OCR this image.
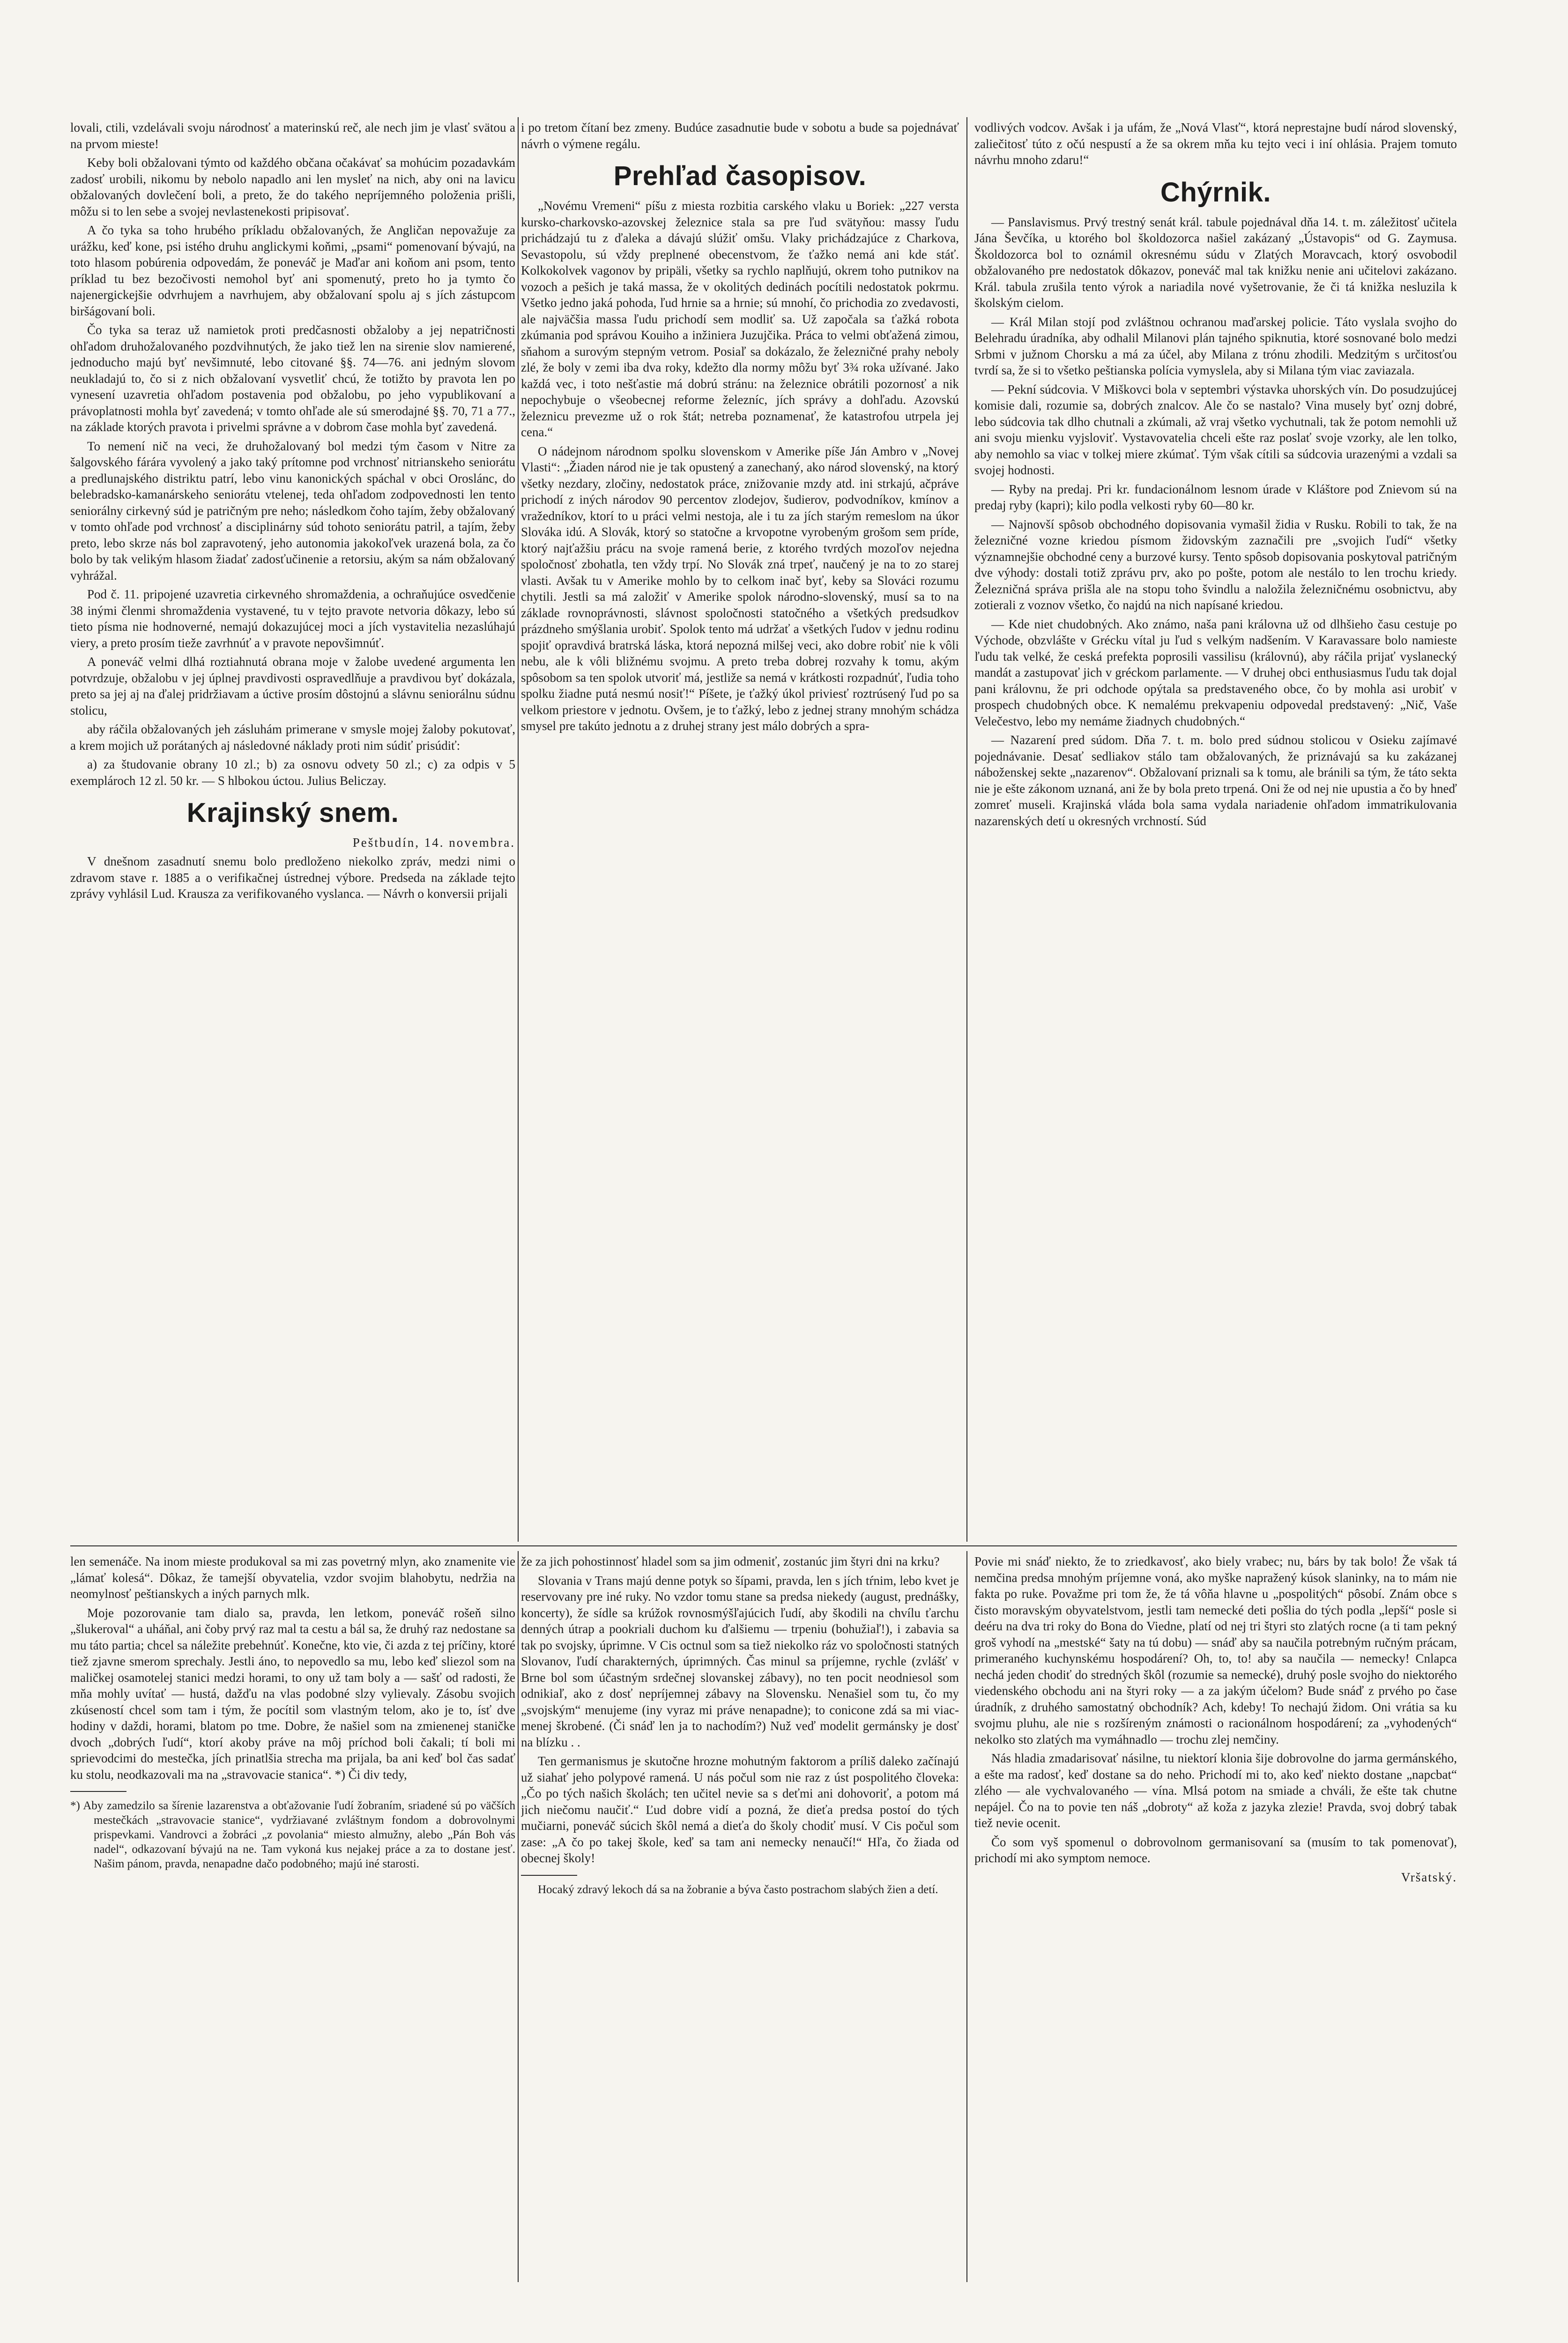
lovali, ctili, vzdelávali svoju národnosť a materinskú reč, ale nech jim je vlasť svätou a na prvom mieste!

Keby boli obžalovani týmto od každého občana očakávať sa mohúcim pozadavkám zadosť urobili, nikomu by nebolo napadlo ani len mysleť na nich, aby oni na lavicu obžalovaných dovlečení boli, a preto, že do takého nepríjemného položenia prišli, môžu si to len sebe a svojej nevlastenekosti pripisovať.

A čo tyka sa toho hrubého príkladu obžalovaných, že Angličan nepovažuje za urážku, keď kone, psi istého druhu anglickymi koňmi, „psami“ pomenovaní bývajú, na toto hlasom pobúrenia odpovedám, že poneváč je Maďar ani koňom ani psom, tento príklad tu bez bezočivosti nemohol byť ani spomenutý, preto ho ja tymto čo najenergickejšie odvrhujem a navrhujem, aby obžalovaní spolu aj s jích zástupcom biršágovaní boli.

Čo tyka sa teraz už namietok proti predčasnosti obžaloby a jej nepatričnosti ohľadom druhožalovaného pozdvihnutých, že jako tiež len na sirenie slov namierené, jednoducho majú byť nevšimnuté, lebo citované §§. 74—76. ani jedným slovom neukladajú to, čo si z nich obžalovaní vysvetliť chcú, že totižto by pravota len po vynesení uzavretia ohľadom postavenia pod obžalobu, po jeho vypublikovaní a právoplatnosti mohla byť zavedená; v tomto ohľade ale sú smerodajné §§. 70, 71 a 77., na základe ktorých pravota i privelmi správne a v dobrom čase mohla byť zavedená.

To nemení nič na veci, že druhožalovaný bol medzi tým časom v Nitre za šalgovského fárára vyvolený a jako taký prítomne pod vrchnosť nitrianskeho seniorátu a predlunajského distriktu patrí, lebo vinu kanonických spáchal v obci Oroslánc, do belebradsko-kamanárskeho seniorátu vtelenej, teda ohľadom zodpovednosti len tento seniorálny cirkevný súd je patričným pre neho; následkom čoho tajím, žeby obžalovaný v tomto ohľade pod vrchnosť a disciplinárny súd tohoto seniorátu patril, a tajím, žeby preto, lebo skrze nás bol zapravotený, jeho autonomia jakokoľvek urazená bola, za čo bolo by tak velikým hlasom žiadať zadosťučinenie a retorsiu, akým sa nám obžalovaný vyhrážal.

Pod č. 11. pripojené uzavretia cirkevného shromaždenia, a ochraňujúce osvedčenie 38 inými členmi shromaždenia vystavené, tu v tejto pravote netvoria dôkazy, lebo sú tieto písma nie hodnoverné, nemajú dokazujúcej moci a jích vystavitelia nezaslúhajú viery, a preto prosím tieže zavrhnúť a v pravote nepovšimnúť.

A poneváč velmi dlhá roztiahnutá obrana moje v žalobe uvedené argumenta len potvrdzuje, obžalobu v jej úplnej pravdivosti ospravedlňuje a pravdivou byť dokázala, preto sa jej aj na ďalej pridržiavam a úctive prosím dôstojnú a slávnu seniorálnu súdnu stolicu,

aby ráčila obžalovaných jeh zásluhám primerane v smysle mojej žaloby pokutovať, a krem mojich už porátaných aj následovné náklady proti nim súdiť prisúdiť:

a) za študovanie obrany 10 zl.; b) za osnovu odvety 50 zl.; c) za odpis v 5 exemplároch 12 zl. 50 kr. — S hlbokou úctou. Julius Beliczay.

Krajinský snem.
Peštbudín, 14. novembra.

V dnešnom zasadnutí snemu bolo predloženo niekolko zpráv, medzi nimi o zdravom stave r. 1885 a o verifikačnej ústrednej výbore. Predseda na základe tejto zprávy vyhlásil Lud. Krausza za verifikovaného vyslanca. — Návrh o konversii prijali

i po tretom čítaní bez zmeny. Budúce zasadnutie bude v sobotu a bude sa pojednávať návrh o výmene regálu.

Prehľad časopisov.

„Novému Vremeni“ píšu z miesta rozbitia carského vlaku u Boriek: „227 versta kursko-charkovsko-azovskej železnice stala sa pre ľud svätyňou: massy ľudu prichádzajú tu z ďaleka a dávajú slúžiť omšu. Vlaky prichádzajúce z Charkova, Sevastopolu, sú vždy preplnené obecenstvom, že ťažko nemá ani kde stáť. Kolkokolvek vagonov by pripäli, všetky sa rychlo naplňujú, okrem toho putnikov na vozoch a pešich je taká massa, že v okolitých dedinách pocítili nedostatok pokrmu. Všetko jedno jaká pohoda, ľud hrnie sa a hrnie; sú mnohí, čo prichodia zo zvedavosti, ale najväčšia massa ľudu prichodí sem modliť sa. Už započala sa ťažká robota zkúmania pod správou Kouiho a inžiniera Juzujčika. Práca to velmi obťažená zimou, sňahom a surovým stepným vetrom. Posiaľ sa dokázalo, že železničné prahy neboly zlé, že boly v zemi iba dva roky, kdežto dla normy môžu byť 3¾ roka užívané. Jako každá vec, i toto nešťastie má dobrú stránu: na železnice obrátili pozornosť a nik nepochybuje o všeobecnej reforme železníc, jích správy a dohľadu. Azovskú železnicu prevezme už o rok štát; netreba poznamenať, že katastrofou utrpela jej cena.“

O nádejnom národnom spolku slovenskom v Amerike píše Ján Ambro v „Novej Vlasti“: „Žiaden národ nie je tak opustený a zanechaný, ako národ slovenský, na ktorý všetky nezdary, zločiny, nedostatok práce, znižovanie mzdy atd. ini strkajú, ačpráve prichodí z iných národov 90 percentov zlodejov, šudierov, podvodníkov, kmínov a vražedníkov, ktorí to u práci velmi nestoja, ale i tu za jích starým remeslom na úkor Slováka idú. A Slovák, ktorý so statočne a krvopotne vyrobeným grošom sem príde, ktorý najťažšiu prácu na svoje ramená berie, z ktorého tvrdých mozoľov nejedna spoločnosť zbohatla, ten vždy trpí. No Slovák zná trpeť, naučený je na to zo starej vlasti. Avšak tu v Amerike mohlo by to celkom inač byť, keby sa Slováci rozumu chytili. Jestli sa má založiť v Amerike spolok národno-slovenský, musí sa to na základe rovnoprávnosti, slávnost spoločnosti statočného a všetkých predsudkov prázdneho smýšlania urobiť. Spolok tento má udržať a všetkých ľudov v jednu rodinu spojiť opravdivá bratrská láska, ktorá nepozná milšej veci, ako dobre robiť nie k vôli nebu, ale k vôli bližnému svojmu. A preto treba dobrej rozvahy k tomu, akým spôsobom sa ten spolok utvoriť má, jestliže sa nemá v krátkosti rozpadnúť, ľudia toho spolku žiadne putá nesmú nosiť!“ Píšete, je ťažký úkol priviesť roztrúsený ľud po sa velkom priestore v jednotu. Ovšem, je to ťažký, lebo z jednej strany mnohým schádza smysel pre takúto jednotu a z druhej strany jest málo dobrých a spra-

vodlivých vodcov. Avšak i ja ufám, že „Nová Vlasť“, ktorá neprestajne budí národ slovenský, zaliečitosť túto z očú nespustí a že sa okrem mňa ku tejto veci i iní ohlásia. Prajem tomuto návrhu mnoho zdaru!“

Chýrnik.

— Panslavismus. Prvý trestný senát král. tabule pojednával dňa 14. t. m. záležitosť učitela Jána Ševčíka, u ktorého bol školdozorca našiel zakázaný „Ústavopis“ od G. Zaymusa. Školdozorca bol to oznámil okresnému súdu v Zlatých Moravcach, ktorý osvobodil obžalovaného pre nedostatok dôkazov, poneváč mal tak knižku nenie ani učitelovi zakázano. Král. tabula zrušila tento výrok a nariadila nové vyšetrovanie, že či tá knižka nesluzila k školským cielom.

— Král Milan stojí pod zvláštnou ochranou maďarskej policie. Táto vyslala svojho do Belehradu úradníka, aby odhalil Milanovi plán tajného spiknutia, ktoré sosnované bolo medzi Srbmi v južnom Chorsku a má za účel, aby Milana z trónu zhodili. Medzitým s určitosťou tvrdí sa, že si to všetko peštianska polícia vymyslela, aby si Milana tým viac zaviazala.

— Pekní súdcovia. V Miškovci bola v septembri výstavka uhorských vín. Do posudzujúcej komisie dali, rozumie sa, dobrých znalcov. Ale čo se nastalo? Vina musely byť oznj dobré, lebo súdcovia tak dlho chutnali a zkúmali, až vraj všetko vychutnali, tak že potom nemohli už ani svoju mienku vyjsloviť. Vystavovatelia chceli ešte raz poslať svoje vzorky, ale len tolko, aby nemohlo sa viac v tolkej miere zkúmať. Tým však cítili sa súdcovia urazenými a vzdali sa svojej hodnosti.

— Ryby na predaj. Pri kr. fundacionálnom lesnom úrade v Kláštore pod Znievom sú na predaj ryby (kapri); kilo podla velkosti ryby 60—80 kr.

— Najnovší spôsob obchodného dopisovania vymašil židia v Rusku. Robili to tak, že na železničné vozne kriedou písmom židovským zaznačili pre „svojich ľudí“ všetky významnejšie obchodné ceny a burzové kursy. Tento spôsob dopisovania poskytoval patričným dve výhody: dostali totiž zprávu prv, ako po pošte, potom ale nestálo to len trochu kriedy. Železničná správa prišla ale na stopu toho švindlu a naložila železničnému osobnictvu, aby zotierali z voznov všetko, čo najdú na nich napísané kriedou.

— Kde niet chudobných. Ako známo, naša pani královna už od dlhšieho času cestuje po Východe, obzvlášte v Grécku vítal ju ľud s velkým nadšením. V Karavassare bolo namieste ľudu tak velké, že ceská prefekta poprosili vassilisu (královnú), aby ráčila prijať vyslanecký mandát a zastupovať jich v gréckom parlamente. — V druhej obci enthusiasmus ľudu tak dojal pani královnu, že pri odchode opýtala sa predstaveného obce, čo by mohla asi urobiť v prospech chudobných obce. K nemalému prekvapeniu odpovedal predstavený: „Nič, Vaše Velečestvo, lebo my nemáme žiadnych chudobných.“

— Nazarení pred súdom. Dňa 7. t. m. bolo pred súdnou stolicou v Osieku zajímavé pojednávanie. Desať sedliakov stálo tam obžalovaných, že priznávajú sa ku zakázanej náboženskej sekte „nazarenov“. Obžalovaní priznali sa k tomu, ale bránili sa tým, že táto sekta nie je ešte zákonom uznaná, ani že by bola preto trpená. Oni že od nej nie upustia a čo by hneď zomreť museli. Krajinská vláda bola sama vydala nariadenie ohľadom immatrikulovania nazarenských detí u okresných vrchností. Súd

len semenáče. Na inom mieste produkoval sa mi zas povetrný mlyn, ako znamenite vie „lámať kolesá“. Dôkaz, že tamejší obyvatelia, vzdor svojim blahobytu, nedržia na neomylnosť peštianskych a iných parnych mlk.

Moje pozorovanie tam dialo sa, pravda, len letkom, poneváč rošeň silno „šlukeroval“ a uháňal, ani čoby prvý raz mal ta cestu a bál sa, že druhý raz nedostane sa mu táto partia; chcel sa náležite prebehnúť. Konečne, kto vie, či azda z tej príčiny, ktoré tiež zjavne smerom sprechaly. Jestli áno, to nepovedlo sa mu, lebo keď sliezol som na maličkej osamotelej stanici medzi horami, to ony už tam boly a — sašť od radosti, že mňa mohly uvítať — hustá, dažďu na vlas podobné slzy vylievaly. Zásobu svojich zkúseností chcel som tam i tým, že pocítil som vlastným telom, ako je to, ísť dve hodiny v daždi, horami, blatom po tme. Dobre, že našiel som na zmienenej staničke dvoch „dobrých ľudí“, ktorí akoby práve na môj príchod boli čakali; tí boli mi sprievodcimi do mestečka, jích prinatlšia strecha ma prijala, ba ani keď bol čas sadať ku stolu, neodkazovali ma na „stravovacie stanica“. *) Či div tedy,

*) Aby zamedzilo sa šírenie lazarenstva a obťažovanie ľudí žobraním, sriadené sú po väčších mestečkách „stravovacie stanice“, vydržiavané zvláštnym fondom a dobrovolnymi prispevkami. Vandrovci a žobráci „z povolania“ miesto almužny, alebo „Pán Boh vás nadel“, odkazovaní bývajú na ne. Tam vykoná kus nejakej práce a za to dostane jesť. Našim pánom, pravda, nenapadne dačo podobného; majú iné starosti.

že za jich pohostinnosť hladel som sa jim odmeniť, zostanúc jim štyri dni na krku?

Slovania v Trans majú denne potyk so šípami, pravda, len s jích tŕnim, lebo kvet je reservovany pre iné ruky. No vzdor tomu stane sa predsa niekedy (august, prednášky, koncerty), že sídle sa krúžok rovnosmýšľajúcich ľudí, aby škodili na chvílu ťarchu denných útrap a pookriali duchom ku ďalšiemu — trpeniu (bohužiaľ!), i zabavia sa tak po svojsky, úprimne. V Cis octnul som sa tiež niekolko ráz vo spoločnosti statných Slovanov, ľudí charakterných, úprimných. Čas minul sa príjemne, rychle (zvlášť v Brne bol som účastným srdečnej slovanskej zábavy), no ten pocit neodniesol som odnikiaľ, ako z dosť nepríjemnej zábavy na Slovensku. Nenašiel som tu, čo my „svojským“ menujeme (iny vyraz mi práve nenapadne); to conicone zdá sa mi viac-menej škrobené. (Či snáď len ja to nachodím?) Nuž veď modelit germánsky je dosť na blízku . .

Ten germanismus je skutočne hrozne mohutným faktorom a príliš daleko začínajú už siahať jeho polypové ramená. U nás počul som nie raz z úst pospolitého človeka: „Čo po tých našich školách; ten učitel nevie sa s deťmi ani dohovoriť, a potom má jich niečomu naučiť.“ Ľud dobre vidí a pozná, že dieťa predsa postoí do tých mučiarni, poneváč súcich škôl nemá a dieťa do školy chodiť musí. V Cis počul som zase: „A čo po takej škole, keď sa tam ani nemecky nenaučí!“ Hľa, čo žiada od obecnej školy!

Hocaký zdravý lekoch dá sa na žobranie a býva často postrachom slabých žien a detí.

Povie mi snáď niekto, že to zriedkavosť, ako biely vrabec; nu, bárs by tak bolo! Že však tá nemčina predsa mnohým príjemne voná, ako myške napražený kúsok slaninky, na to mám nie fakta po ruke. Považme pri tom že, že tá vôňa hlavne u „pospolitých“ pôsobí. Znám obce s čisto moravským obyvatelstvom, jestli tam nemecké deti pošlia do tých podla „lepší“ posle si deéru na dva tri roky do Bona do Viedne, platí od nej tri štyri sto zlatých rocne (a ti tam pekný groš vyhodí na „mestské“ šaty na tú dobu) — snáď aby sa naučila potrebným ručným prácam, primeraného kuchynskému hospodárení? Oh, to, to! aby sa naučila — nemecky! Cnlapca nechá jeden chodiť do stredných škôl (rozumie sa nemecké), druhý posle svojho do niektorého viedenského obchodu ani na štyri roky — a za jakým účelom? Bude snáď z prvého po čase úradník, z druhého samostatný obchodník? Ach, kdeby! To nechajú židom. Oni vrátia sa ku svojmu pluhu, ale nie s rozšíreným známosti o racionálnom hospodárení; za „vyhodených“ nekolko sto zlatých ma vymáhnadlo — trochu zlej nemčiny.

Nás hladia zmadarisovať násilne, tu niektorí klonia šije dobrovolne do jarma germánského, a ešte ma radosť, keď dostane sa do neho. Prichodí mi to, ako keď niekto dostane „napcbat“ zlého — ale vychvalovaného — vína. Mlsá potom na smiade a chváli, že ešte tak chutne nepájel. Čo na to povie ten náš „dobroty“ až koža z jazyka zlezie! Pravda, svoj dobrý tabak tiež nevie ocenit.

Čo som vyš spomenul o dobrovolnom germanisovaní sa (musím to tak pomenovať), prichodí mi ako symptom nemoce.

Vršatský.
